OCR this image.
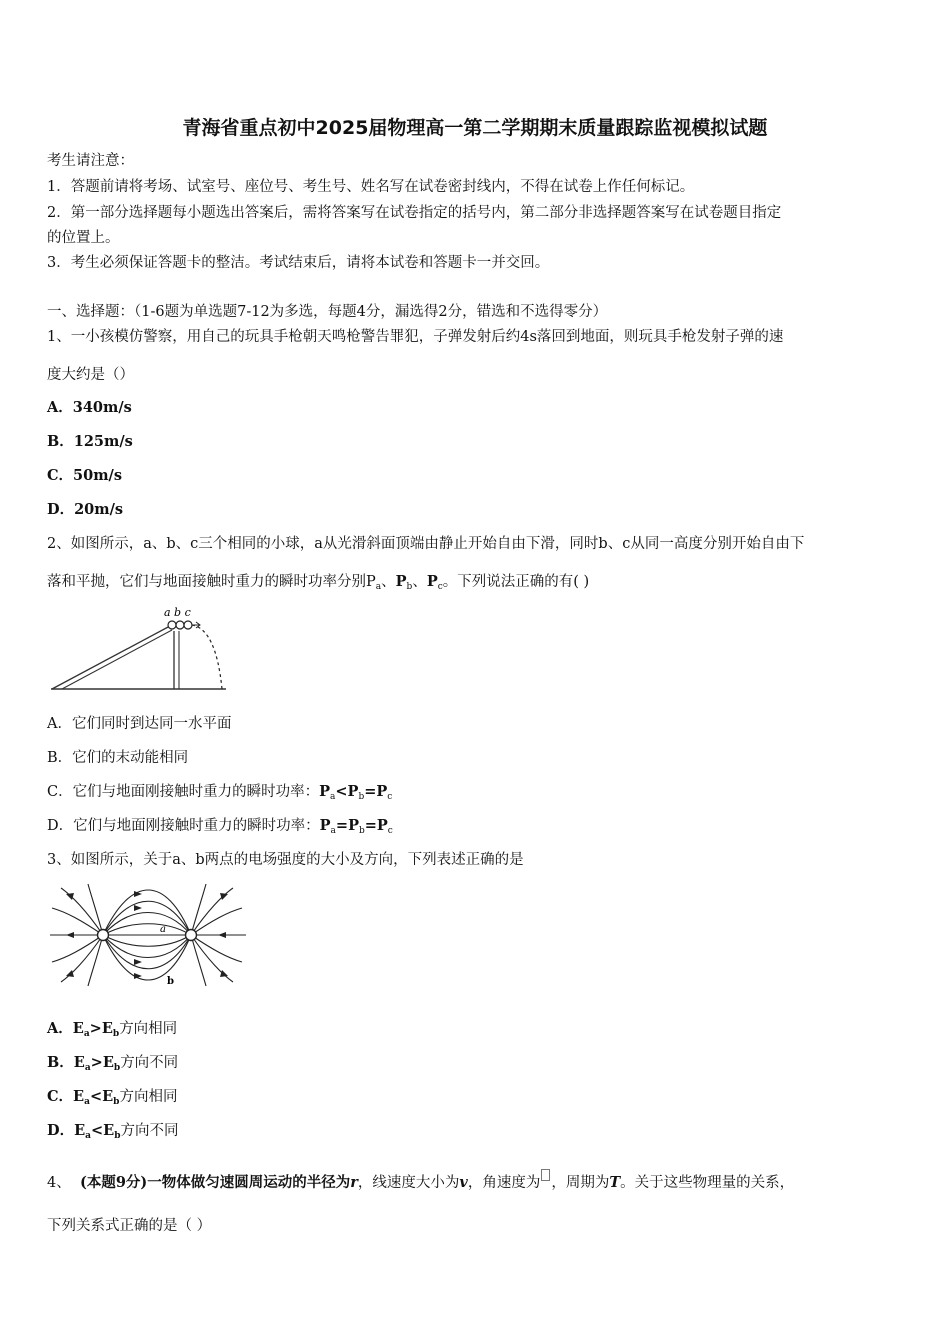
青海省重点初中2025届物理高一第二学期期末质量跟踪监视模拟试题
考生请注意：
1．答题前请将考场、试室号、座位号、考生号、姓名写在试卷密封线内，不得在试卷上作任何标记。
2．第一部分选择题每小题选出答案后，需将答案写在试卷指定的括号内，第二部分非选择题答案写在试卷题目指定
的位置上。
3．考生必须保证答题卡的整洁。考试结束后，请将本试卷和答题卡一并交回。
一、选择题：（1-6题为单选题7-12为多选，每题4分，漏选得2分，错选和不选得零分）
1、一小孩模仿警察，用自己的玩具手枪朝天鸣枪警告罪犯，子弹发射后约4s落回到地面，则玩具手枪发射子弹的速
度大约是（）
A．340m/s
B．125m/s
C．50m/s
D．20m/s
2、如图所示，a、b、c三个相同的小球，a从光滑斜面顶端由静止开始自由下滑，同时b、c从同一高度分别开始自由下
落和平抛，它们与地面接触时重力的瞬时功率分别$P_a$、$P_b$、$P_c$。下列说法正确的有( )
a b c
A．它们同时到达同一水平面
B．它们的末动能相同
C．它们与地面刚接触时重力的瞬时功率：$P_a<P_b=P_c$
D．它们与地面刚接触时重力的瞬时功率：$P_a=P_b=P_c$
3、如图所示，关于a、b两点的电场强度的大小及方向，下列表述正确的是
a
b
A．$E_a>E_b$方向相同
B．$E_a>E_b$方向不同
C．$E_a<E_b$方向相同
D．$E_a<E_b$方向不同
4、 (本题9分)一物体做匀速圆周运动的半径为r，线速度大小为v，角速度为 ，周期为T。关于这些物理量的关系，
下列关系式正确的是（ ）
